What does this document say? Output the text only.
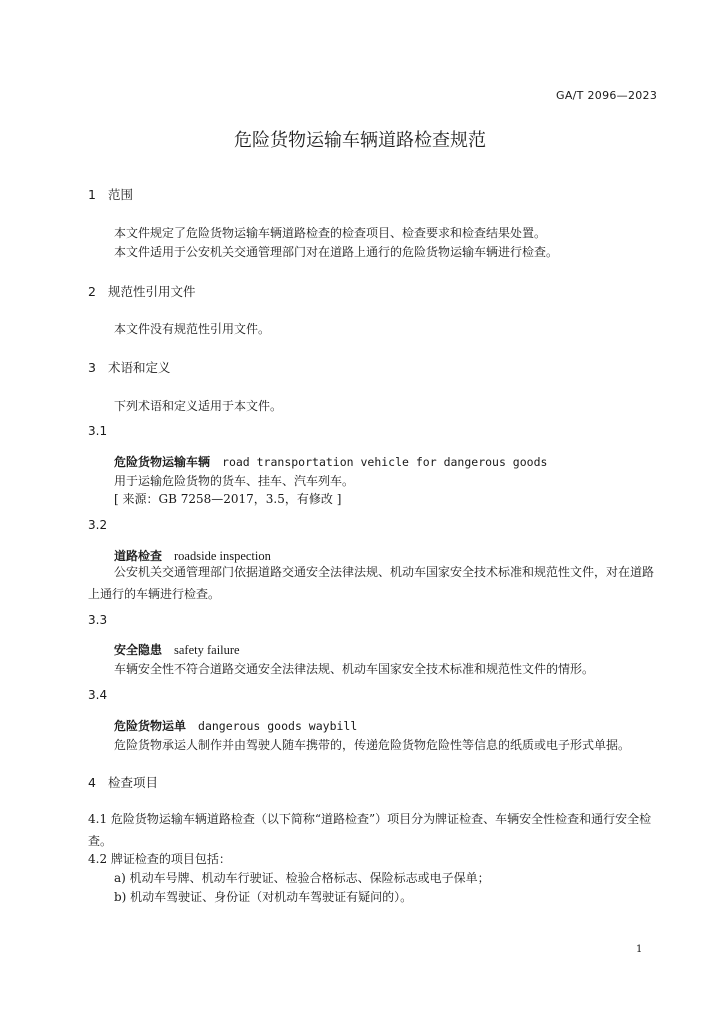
GA/T 2096—2023
危险货物运输车辆道路检查规范
1 范围
本文件规定了危险货物运输车辆道路检查的检查项目、检查要求和检查结果处置。
本文件适用于公安机关交通管理部门对在道路上通行的危险货物运输车辆进行检查。
2 规范性引用文件
本文件没有规范性引用文件。
3 术语和定义
下列术语和定义适用于本文件。
3.1
危险货物运输车辆 road transportation vehicle for dangerous goods
用于运输危险货物的货车、挂车、汽车列车。
[ 来源：GB 7258—2017，3.5，有修改 ]
3.2
道路检查 roadside inspection
公安机关交通管理部门依据道路交通安全法律法规、机动车国家安全技术标准和规范性文件，对在道路上通行的车辆进行检查。
3.3
安全隐患 safety failure
车辆安全性不符合道路交通安全法律法规、机动车国家安全技术标准和规范性文件的情形。
3.4
危险货物运单 dangerous goods waybill
危险货物承运人制作并由驾驶人随车携带的，传递危险货物危险性等信息的纸质或电子形式单据。
4 检查项目
4.1 危险货物运输车辆道路检查（以下简称“道路检查”）项目分为牌证检查、车辆安全性检查和通行安全检查。
4.2 牌证检查的项目包括：
a) 机动车号牌、机动车行驶证、检验合格标志、保险标志或电子保单；
b) 机动车驾驶证、身份证（对机动车驾驶证有疑问的）。
1
